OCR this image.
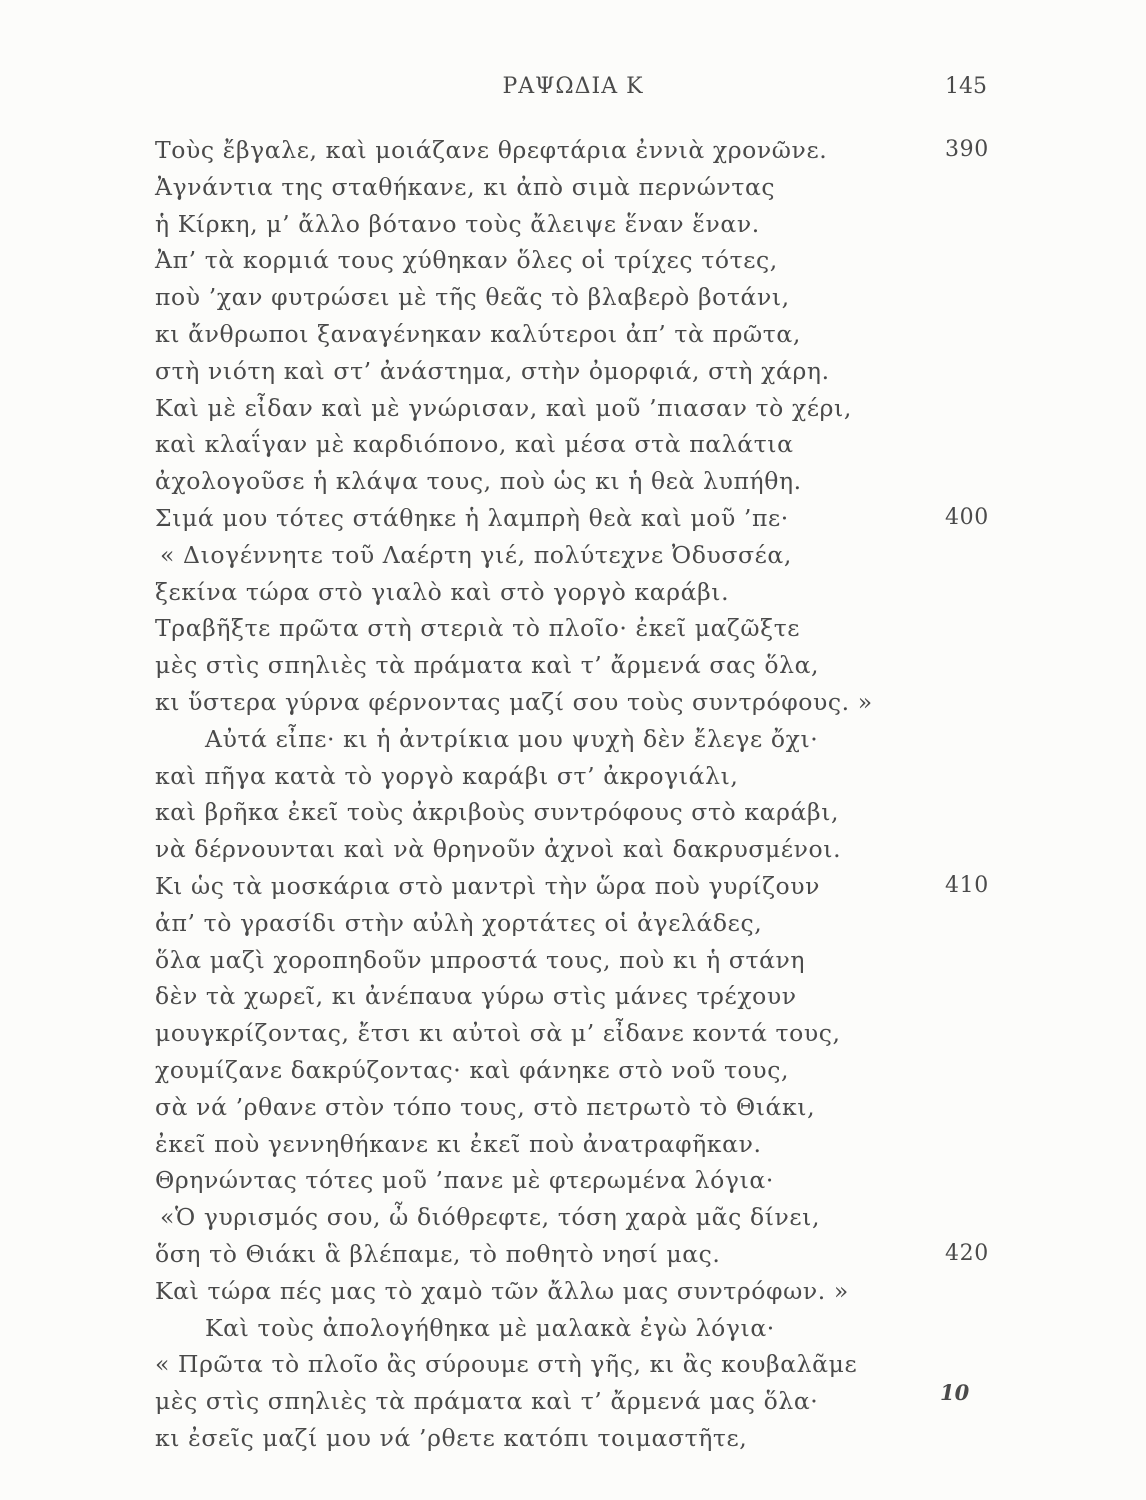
ΡΑΨΩΔΙΑ Κ	145
Τοὺς ἔβγαλε, καὶ μοιάζανε θρεφτάρια ἐννιὰ χρονῶνε.	390
Ἀγνάντια της σταθήκανε, κι ἀπὸ σιμὰ περνώντας
ἡ Κίρκη, μ’ ἄλλο βότανο τοὺς ἄλειψε ἕναν ἕναν.
Ἀπ’ τὰ κορμιά τους χύθηκαν ὅλες οἱ τρίχες τότες,
ποὺ ’χαν φυτρώσει μὲ τῆς θεᾶς τὸ βλαβερὸ βοτάνι,
κι ἄνθρωποι ξαναγένηκαν καλύτεροι ἀπ’ τὰ πρῶτα,
στὴ νιότη καὶ στ’ ἀνάστημα, στὴν ὀμορφιά, στὴ χάρη.
Καὶ μὲ εἶδαν καὶ μὲ γνώρισαν, καὶ μοῦ ’πιασαν τὸ χέρι,
καὶ κλαΐγαν μὲ καρδιόπονο, καὶ μέσα στὰ παλάτια
ἀχολογοῦσε ἡ κλάψα τους, ποὺ ὡς κι ἡ θεὰ λυπήθη.
Σιμά μου τότες στάθηκε ἡ λαμπρὴ θεὰ καὶ μοῦ ’πε·	400
« Διογέννητε τοῦ Λαέρτη γιέ, πολύτεχνε Ὀδυσσέα,
ξεκίνα τώρα στὸ γιαλὸ καὶ στὸ γοργὸ καράβι.
Τραβῆξτε πρῶτα στὴ στεριὰ τὸ πλοῖο· ἐκεῖ μαζῶξτε
μὲς στὶς σπηλιὲς τὰ πράματα καὶ τ’ ἄρμενά σας ὅλα,
κι ὕστερα γύρνα φέρνοντας μαζί σου τοὺς συντρόφους. »
Αὐτά εἶπε· κι ἡ ἀντρίκια μου ψυχὴ δὲν ἔλεγε ὄχι·
καὶ πῆγα κατὰ τὸ γοργὸ καράβι στ’ ἀκρογιάλι,
καὶ βρῆκα ἐκεῖ τοὺς ἀκριβοὺς συντρόφους στὸ καράβι,
νὰ δέρνουνται καὶ νὰ θρηνοῦν ἀχνοὶ καὶ δακρυσμένοι.
Κι ὡς τὰ μοσκάρια στὸ μαντρὶ τὴν ὥρα ποὺ γυρίζουν	410
ἀπ’ τὸ γρασίδι στὴν αὐλὴ χορτάτες οἱ ἀγελάδες,
ὅλα μαζὶ χοροπηδοῦν μπροστά τους, ποὺ κι ἡ στάνη
δὲν τὰ χωρεῖ, κι ἀνέπαυα γύρω στὶς μάνες τρέχουν
μουγκρίζοντας, ἔτσι κι αὐτοὶ σὰ μ’ εἶδανε κοντά τους,
χουμίζανε δακρύζοντας· καὶ φάνηκε στὸ νοῦ τους,
σὰ νά ’ρθανε στὸν τόπο τους, στὸ πετρωτὸ τὸ Θιάκι,
ἐκεῖ ποὺ γεννηθήκανε κι ἐκεῖ ποὺ ἀνατραφῆκαν.
Θρηνώντας τότες μοῦ ’πανε μὲ φτερωμένα λόγια·
«Ὁ γυρισμός σου, ὦ διόθρεφτε, τόση χαρὰ μᾶς δίνει,
ὅση τὸ Θιάκι ἃ βλέπαμε, τὸ ποθητὸ νησί μας.	420
Καὶ τώρα πές μας τὸ χαμὸ τῶν ἄλλω μας συντρόφων. »
Καὶ τοὺς ἀπολογήθηκα μὲ μαλακὰ ἐγὼ λόγια·
« Πρῶτα τὸ πλοῖο ἂς σύρουμε στὴ γῆς, κι ἂς κουβαλᾶμε
μὲς στὶς σπηλιὲς τὰ πράματα καὶ τ’ ἄρμενά μας ὅλα·
κι ἐσεῖς μαζί μου νά ’ρθετε κατόπι τοιμαστῆτε,
10
